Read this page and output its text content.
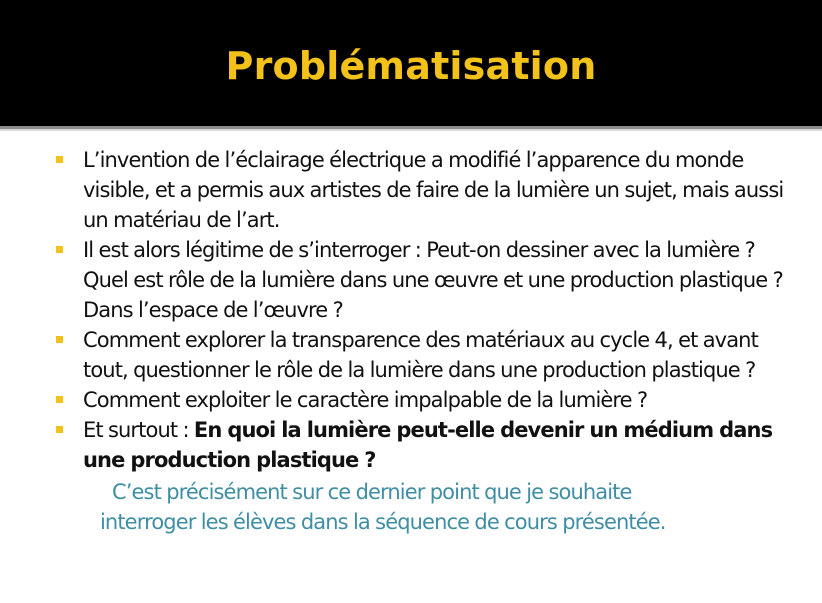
Problématisation
L’invention de l’éclairage électrique a modifié l’apparence du monde visible, et a permis aux artistes de faire de la lumière un sujet, mais aussi un matériau de l’art.
Il est alors légitime de s’interroger : Peut-on dessiner avec la lumière ? Quel est rôle de la lumière dans une œuvre et une production plastique ? Dans l’espace de l’œuvre ?
Comment explorer la transparence des matériaux au cycle 4, et avant tout, questionner le rôle de la lumière dans une production plastique ?
Comment exploiter le caractère impalpable de la lumière ?
Et surtout : En quoi la lumière peut-elle devenir un médium dans une production plastique ?
C’est précisément sur ce dernier point que je souhaite
interroger les élèves dans la séquence de cours présentée.
